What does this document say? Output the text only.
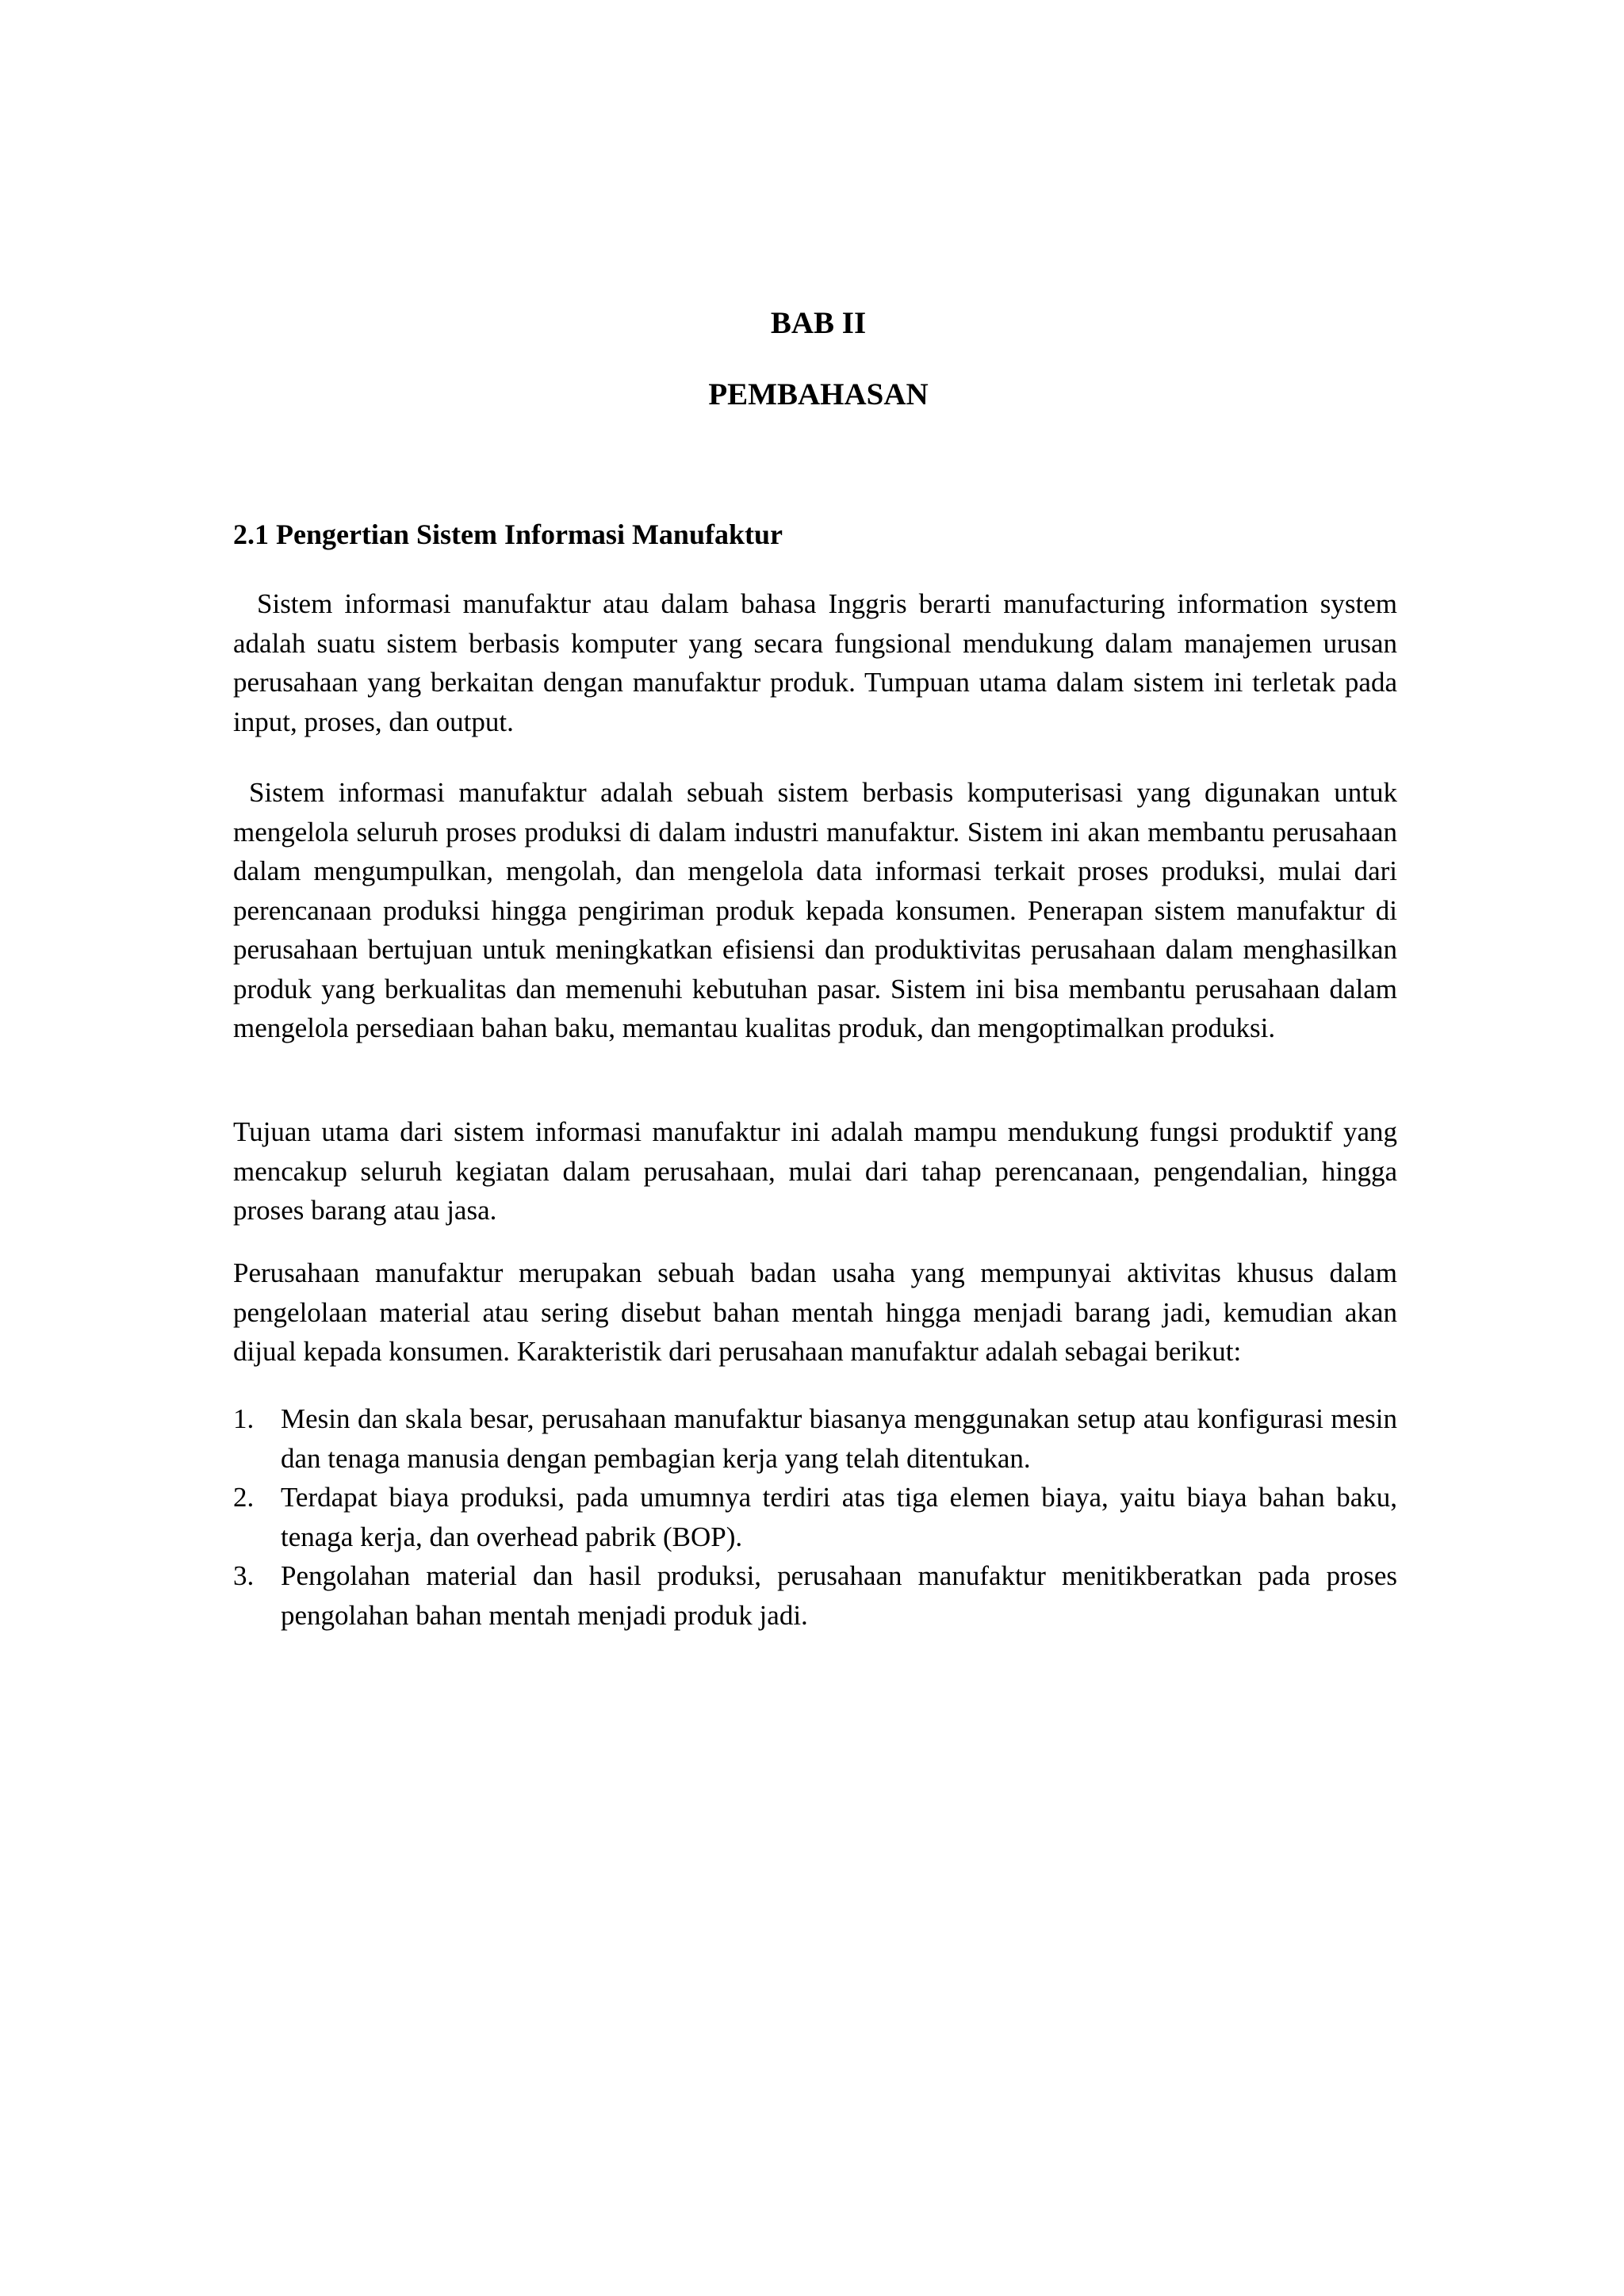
BAB II
PEMBAHASAN
2.1 Pengertian Sistem Informasi Manufaktur

Sistem informasi manufaktur atau dalam bahasa Inggris berarti manufacturing information system adalah suatu sistem berbasis komputer yang secara fungsional mendukung dalam manajemen urusan perusahaan yang berkaitan dengan manufaktur produk. Tumpuan utama dalam sistem ini terletak pada input, proses, dan output.

Sistem informasi manufaktur adalah sebuah sistem berbasis komputerisasi yang digunakan untuk mengelola seluruh proses produksi di dalam industri manufaktur. Sistem ini akan membantu perusahaan dalam mengumpulkan, mengolah, dan mengelola data informasi terkait proses produksi, mulai dari perencanaan produksi hingga pengiriman produk kepada konsumen. Penerapan sistem manufaktur di perusahaan bertujuan untuk meningkatkan efisiensi dan produktivitas perusahaan dalam menghasilkan produk yang berkualitas dan memenuhi kebutuhan pasar. Sistem ini bisa membantu perusahaan dalam mengelola persediaan bahan baku, memantau kualitas produk, dan mengoptimalkan produksi.

Tujuan utama dari sistem informasi manufaktur ini adalah mampu mendukung fungsi produktif yang mencakup seluruh kegiatan dalam perusahaan, mulai dari tahap perencanaan, pengendalian, hingga proses barang atau jasa.

Perusahaan manufaktur merupakan sebuah badan usaha yang mempunyai aktivitas khusus dalam pengelolaan material atau sering disebut bahan mentah hingga menjadi barang jadi, kemudian akan dijual kepada konsumen. Karakteristik dari perusahaan manufaktur adalah sebagai berikut:

1. Mesin dan skala besar, perusahaan manufaktur biasanya menggunakan setup atau konfigurasi mesin dan tenaga manusia dengan pembagian kerja yang telah ditentukan.
2. Terdapat biaya produksi, pada umumnya terdiri atas tiga elemen biaya, yaitu biaya bahan baku, tenaga kerja, dan overhead pabrik (BOP).
3. Pengolahan material dan hasil produksi, perusahaan manufaktur menitikberatkan pada proses pengolahan bahan mentah menjadi produk jadi.
